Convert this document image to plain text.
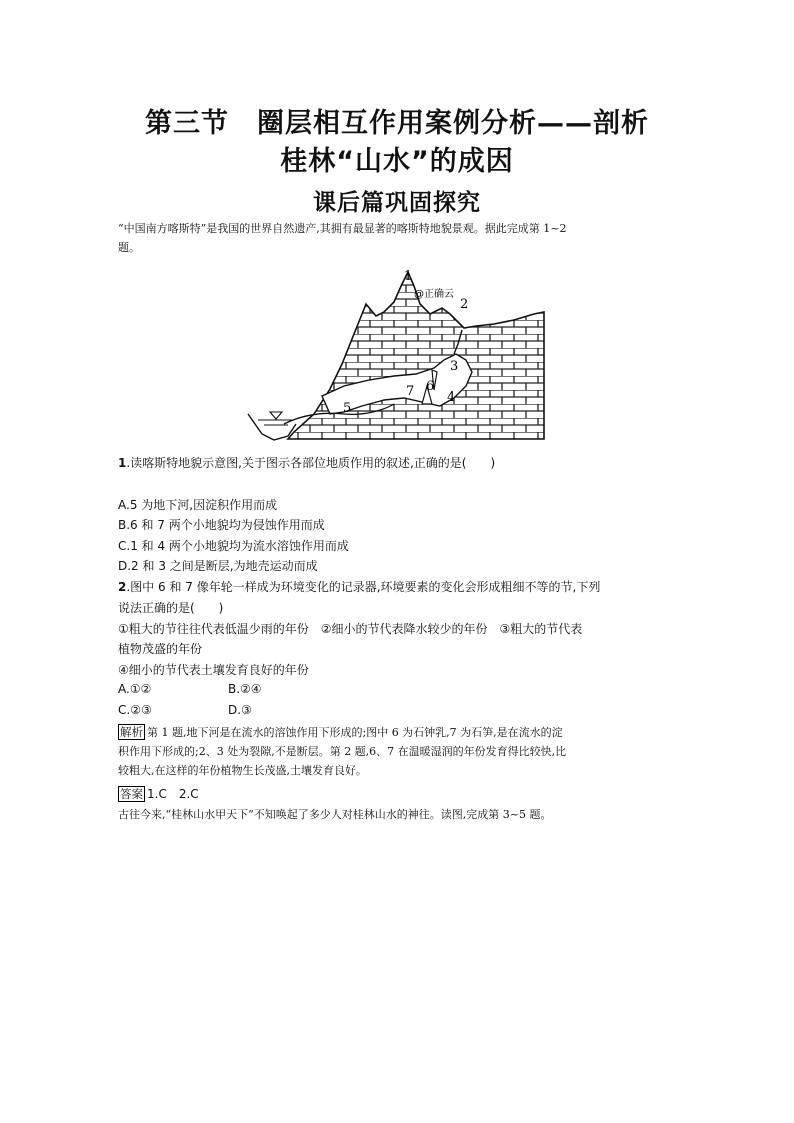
第三节　圈层相互作用案例分析——剖析
桂林“山水”的成因
课后篇巩固探究
“中国南方喀斯特”是我国的世界自然遗产,其拥有最显著的喀斯特地貌景观。据此完成第 1~2
题。
1
2
3
4
5
6
7
@正确云
1.读喀斯特地貌示意图,关于图示各部位地质作用的叙述,正确的是(　　)
A.5 为地下河,因淀积作用而成
B.6 和 7 两个小地貌均为侵蚀作用而成
C.1 和 4 两个小地貌均为流水溶蚀作用而成
D.2 和 3 之间是断层,为地壳运动而成
2.图中 6 和 7 像年轮一样成为环境变化的记录器,环境要素的变化会形成粗细不等的节,下列
说法正确的是(　　)
①粗大的节往往代表低温少雨的年份　②细小的节代表降水较少的年份　③粗大的节代表
植物茂盛的年份
④细小的节代表土壤发育良好的年份
A.①②	B.②④
C.②③	D.③
解析 第 1 题,地下河是在流水的溶蚀作用下形成的;图中 6 为石钟乳,7 为石笋,是在流水的淀
积作用下形成的;2、3 处为裂隙,不是断层。第 2 题,6、7 在温暖湿润的年份发育得比较快,比
较粗大,在这样的年份植物生长茂盛,土壤发育良好。
答案 1.C　2.C
古往今来,“桂林山水甲天下”不知唤起了多少人对桂林山水的神往。读图,完成第 3~5 题。
